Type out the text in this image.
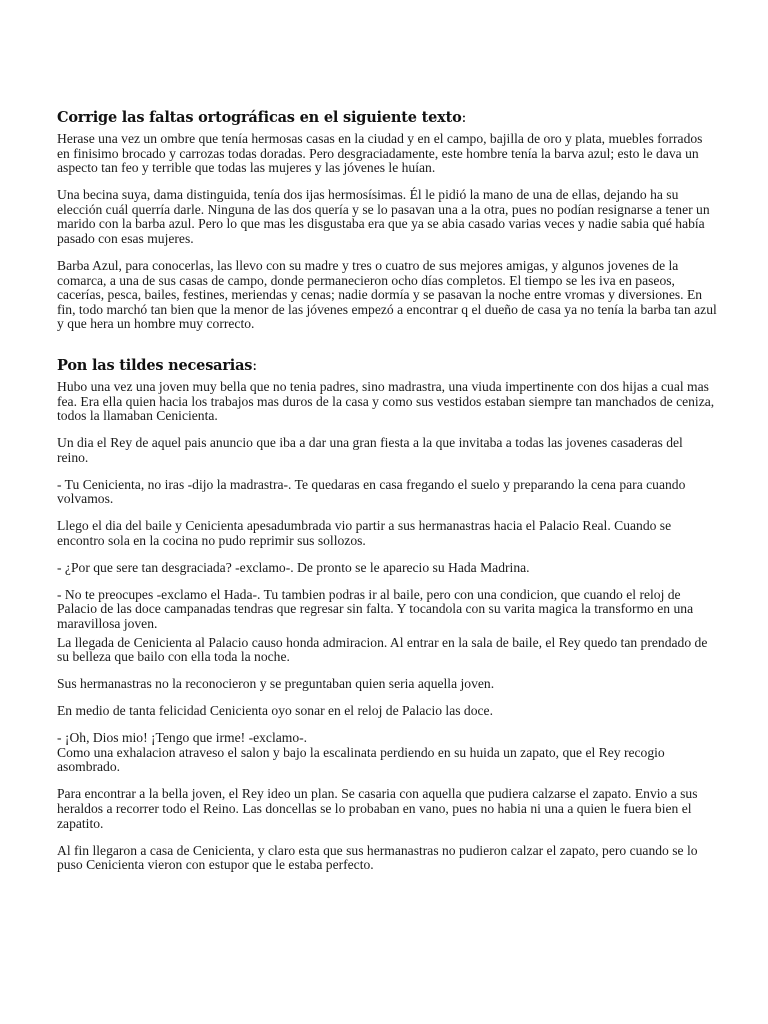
Corrige las faltas ortográficas en el siguiente texto:

Herase una vez un ombre que tenía hermosas casas en la ciudad y en el campo, bajilla de oro y plata, muebles forrados en finisimo brocado y carrozas todas doradas. Pero desgraciadamente, este hombre tenía la barva azul; esto le dava un aspecto tan feo y terrible que todas las mujeres y las jóvenes le huían.

Una becina suya, dama distinguida, tenía dos ijas hermosísimas. Él le pidió la mano de una de ellas, dejando ha su elección cuál querría darle. Ninguna de las dos quería y se lo pasavan una a la otra, pues no podían resignarse a tener un marido con la barba azul. Pero lo que mas les disgustaba era que ya se abia casado varias veces y nadie sabia qué había pasado con esas mujeres.

Barba Azul, para conocerlas, las llevo con su madre y tres o cuatro de sus mejores amigas, y algunos jovenes de la comarca, a una de sus casas de campo, donde permanecieron ocho días completos. El tiempo se les iva en paseos, cacerías, pesca, bailes, festines, meriendas y cenas; nadie dormía y se pasavan la noche entre vromas y diversiones. En fin, todo marchó tan bien que la menor de las jóvenes empezó a encontrar q el dueño de casa ya no tenía la barba tan azul y que hera un hombre muy correcto.

Pon las tildes necesarias:

Hubo una vez una joven muy bella que no tenia padres, sino madrastra, una viuda impertinente con dos hijas a cual mas fea. Era ella quien hacia los trabajos mas duros de la casa y como sus vestidos estaban siempre tan manchados de ceniza, todos la llamaban Cenicienta.

Un dia el Rey de aquel pais anuncio que iba a dar una gran fiesta a la que invitaba a todas las jovenes casaderas del reino.

- Tu Cenicienta, no iras -dijo la madrastra-. Te quedaras en casa fregando el suelo y preparando la cena para cuando volvamos.

Llego el dia del baile y Cenicienta apesadumbrada vio partir a sus hermanastras hacia el Palacio Real. Cuando se encontro sola en la cocina no pudo reprimir sus sollozos.

- ¿Por que sere tan desgraciada? -exclamo-. De pronto se le aparecio su Hada Madrina.

- No te preocupes -exclamo el Hada-. Tu tambien podras ir al baile, pero con una condicion, que cuando el reloj de Palacio de las doce campanadas tendras que regresar sin falta. Y tocandola con su varita magica la transformo en una maravillosa joven.

La llegada de Cenicienta al Palacio causo honda admiracion. Al entrar en la sala de baile, el Rey quedo tan prendado de su belleza que bailo con ella toda la noche.

Sus hermanastras no la reconocieron y se preguntaban quien seria aquella joven.

En medio de tanta felicidad Cenicienta oyo sonar en el reloj de Palacio las doce.

- ¡Oh, Dios mio! ¡Tengo que irme! -exclamo-.

Como una exhalacion atraveso el salon y bajo la escalinata perdiendo en su huida un zapato, que el Rey recogio asombrado.

Para encontrar a la bella joven, el Rey ideo un plan. Se casaria con aquella que pudiera calzarse el zapato. Envio a sus heraldos a recorrer todo el Reino. Las doncellas se lo probaban en vano, pues no habia ni una a quien le fuera bien el zapatito.

Al fin llegaron a casa de Cenicienta, y claro esta que sus hermanastras no pudieron calzar el zapato, pero cuando se lo puso Cenicienta vieron con estupor que le estaba perfecto.
